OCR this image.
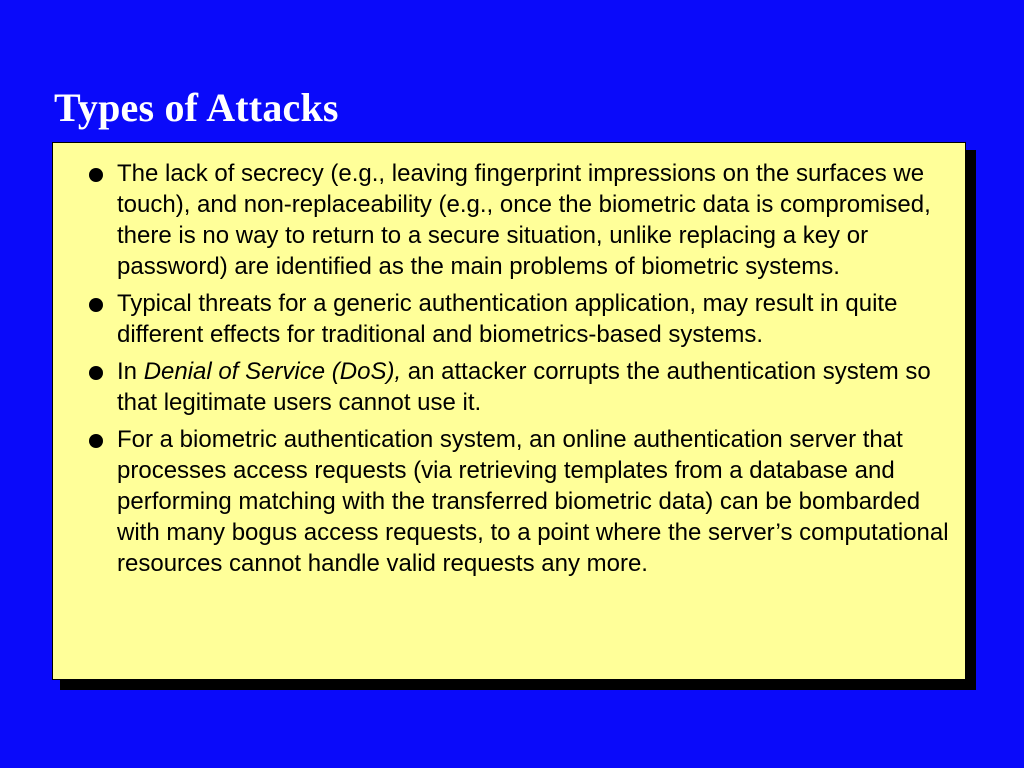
Types of Attacks
The lack of secrecy (e.g., leaving fingerprint impressions on the surfaces we touch), and non-replaceability (e.g., once the biometric data is compromised, there is no way to return to a secure situation, unlike replacing a key or password) are identified as the main problems of biometric systems.
Typical threats for a generic authentication application, may result in quite different effects for traditional and biometrics-based systems.
In Denial of Service (DoS), an attacker corrupts the authentication system so that legitimate users cannot use it.
For a biometric authentication system, an online authentication server that processes access requests (via retrieving templates from a database and performing matching with the transferred biometric data) can be bombarded with many bogus access requests, to a point where the server’s computational resources cannot handle valid requests any more.
